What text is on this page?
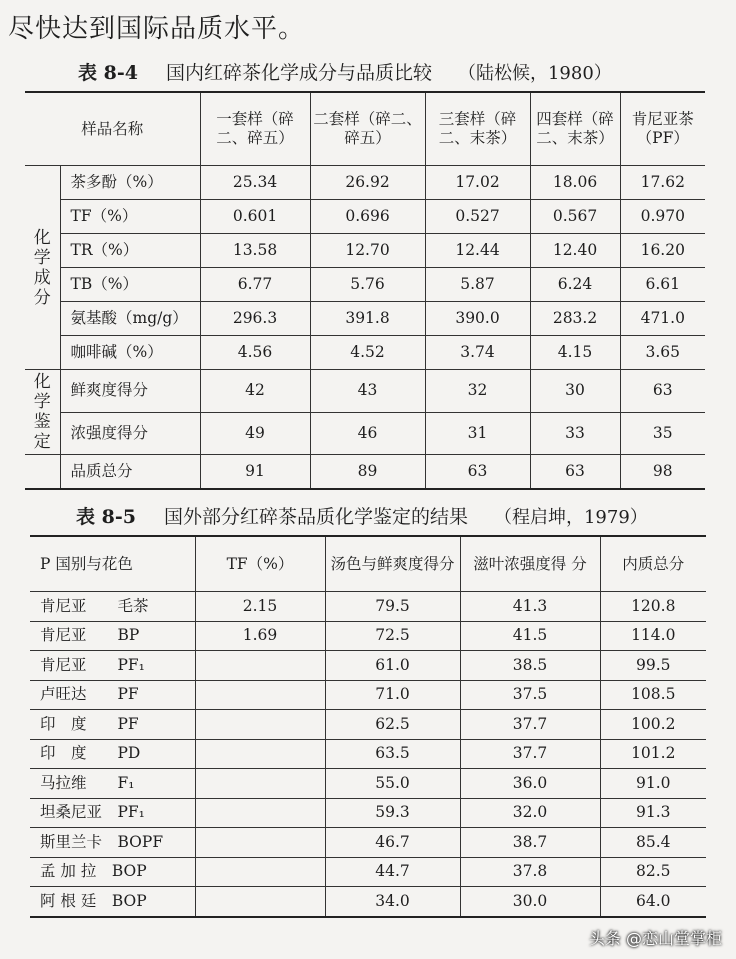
尽快达到国际品质水平。
表 8-4 国内红碎茶化学成分与品质比较 （陆松候，1980）
样品名称		一套样（碎二、碎五）	二套样（碎二、碎五）	三套样（碎二、末茶）	四套样（碎二、末茶）	肯尼亚茶（PF）
化学成分	茶多酚（%）	25.34	26.92	17.02	18.06	17.62
	TF（%）	0.601	0.696	0.527	0.567	0.970
	TR（%）	13.58	12.70	12.44	12.40	16.20
	TB（%）	6.77	5.76	5.87	6.24	6.61
	氨基酸（mg/g）	296.3	391.8	390.0	283.2	471.0
	咖啡碱（%）	4.56	4.52	3.74	4.15	3.65
化学鉴定	鲜爽度得分	42	43	32	30	63
	浓强度得分	49	46	31	33	35
	品质总分	91	89	63	63	98
表 8-5 国外部分红碎茶品质化学鉴定的结果 （程启坤，1979）
P 国别与花色	TF（%）	汤色与鲜爽度得分	滋叶浓强度得 分	内质总分
肯尼亚　　毛茶	2.15	79.5	41.3	120.8
肯尼亚　　BP	1.69	72.5	41.5	114.0
肯尼亚　　PF₁		61.0	38.5	99.5
卢旺达　　PF		71.0	37.5	108.5
印　度　　PF		62.5	37.7	100.2
印　度　　PD		63.5	37.7	101.2
马拉维　　F₁		55.0	36.0	91.0
坦桑尼亚　PF₁		59.3	32.0	91.3
斯里兰卡　BOPF		46.7	38.7	85.4
孟 加 拉　BOP		44.7	37.8	82.5
阿 根 廷　BOP		34.0	30.0	64.0
头条 @恋山堂掌柜
